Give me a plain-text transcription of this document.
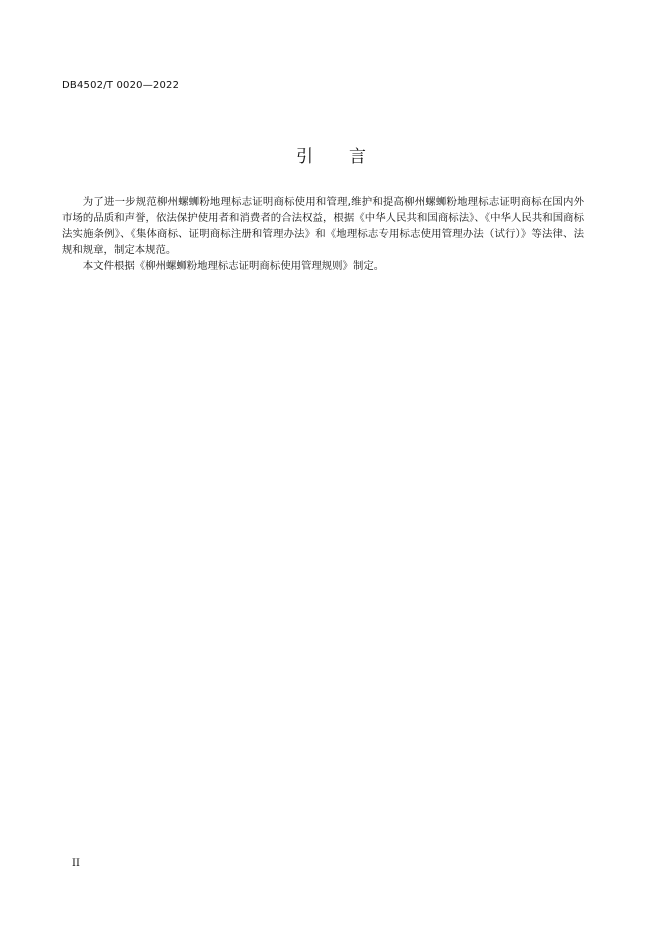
DB4502/T 0020—2022
引 言

为了进一步规范柳州螺蛳粉地理标志证明商标使用和管理,维护和提高柳州螺蛳粉地理标志证明商标在国内外市场的品质和声誉，依法保护使用者和消费者的合法权益，根据《中华人民共和国商标法》、《中华人民共和国商标法实施条例》、《集体商标、证明商标注册和管理办法》和《地理标志专用标志使用管理办法（试行）》等法律、法规和规章，制定本规范。

本文件根据《柳州螺蛳粉地理标志证明商标使用管理规则》制定。

II
